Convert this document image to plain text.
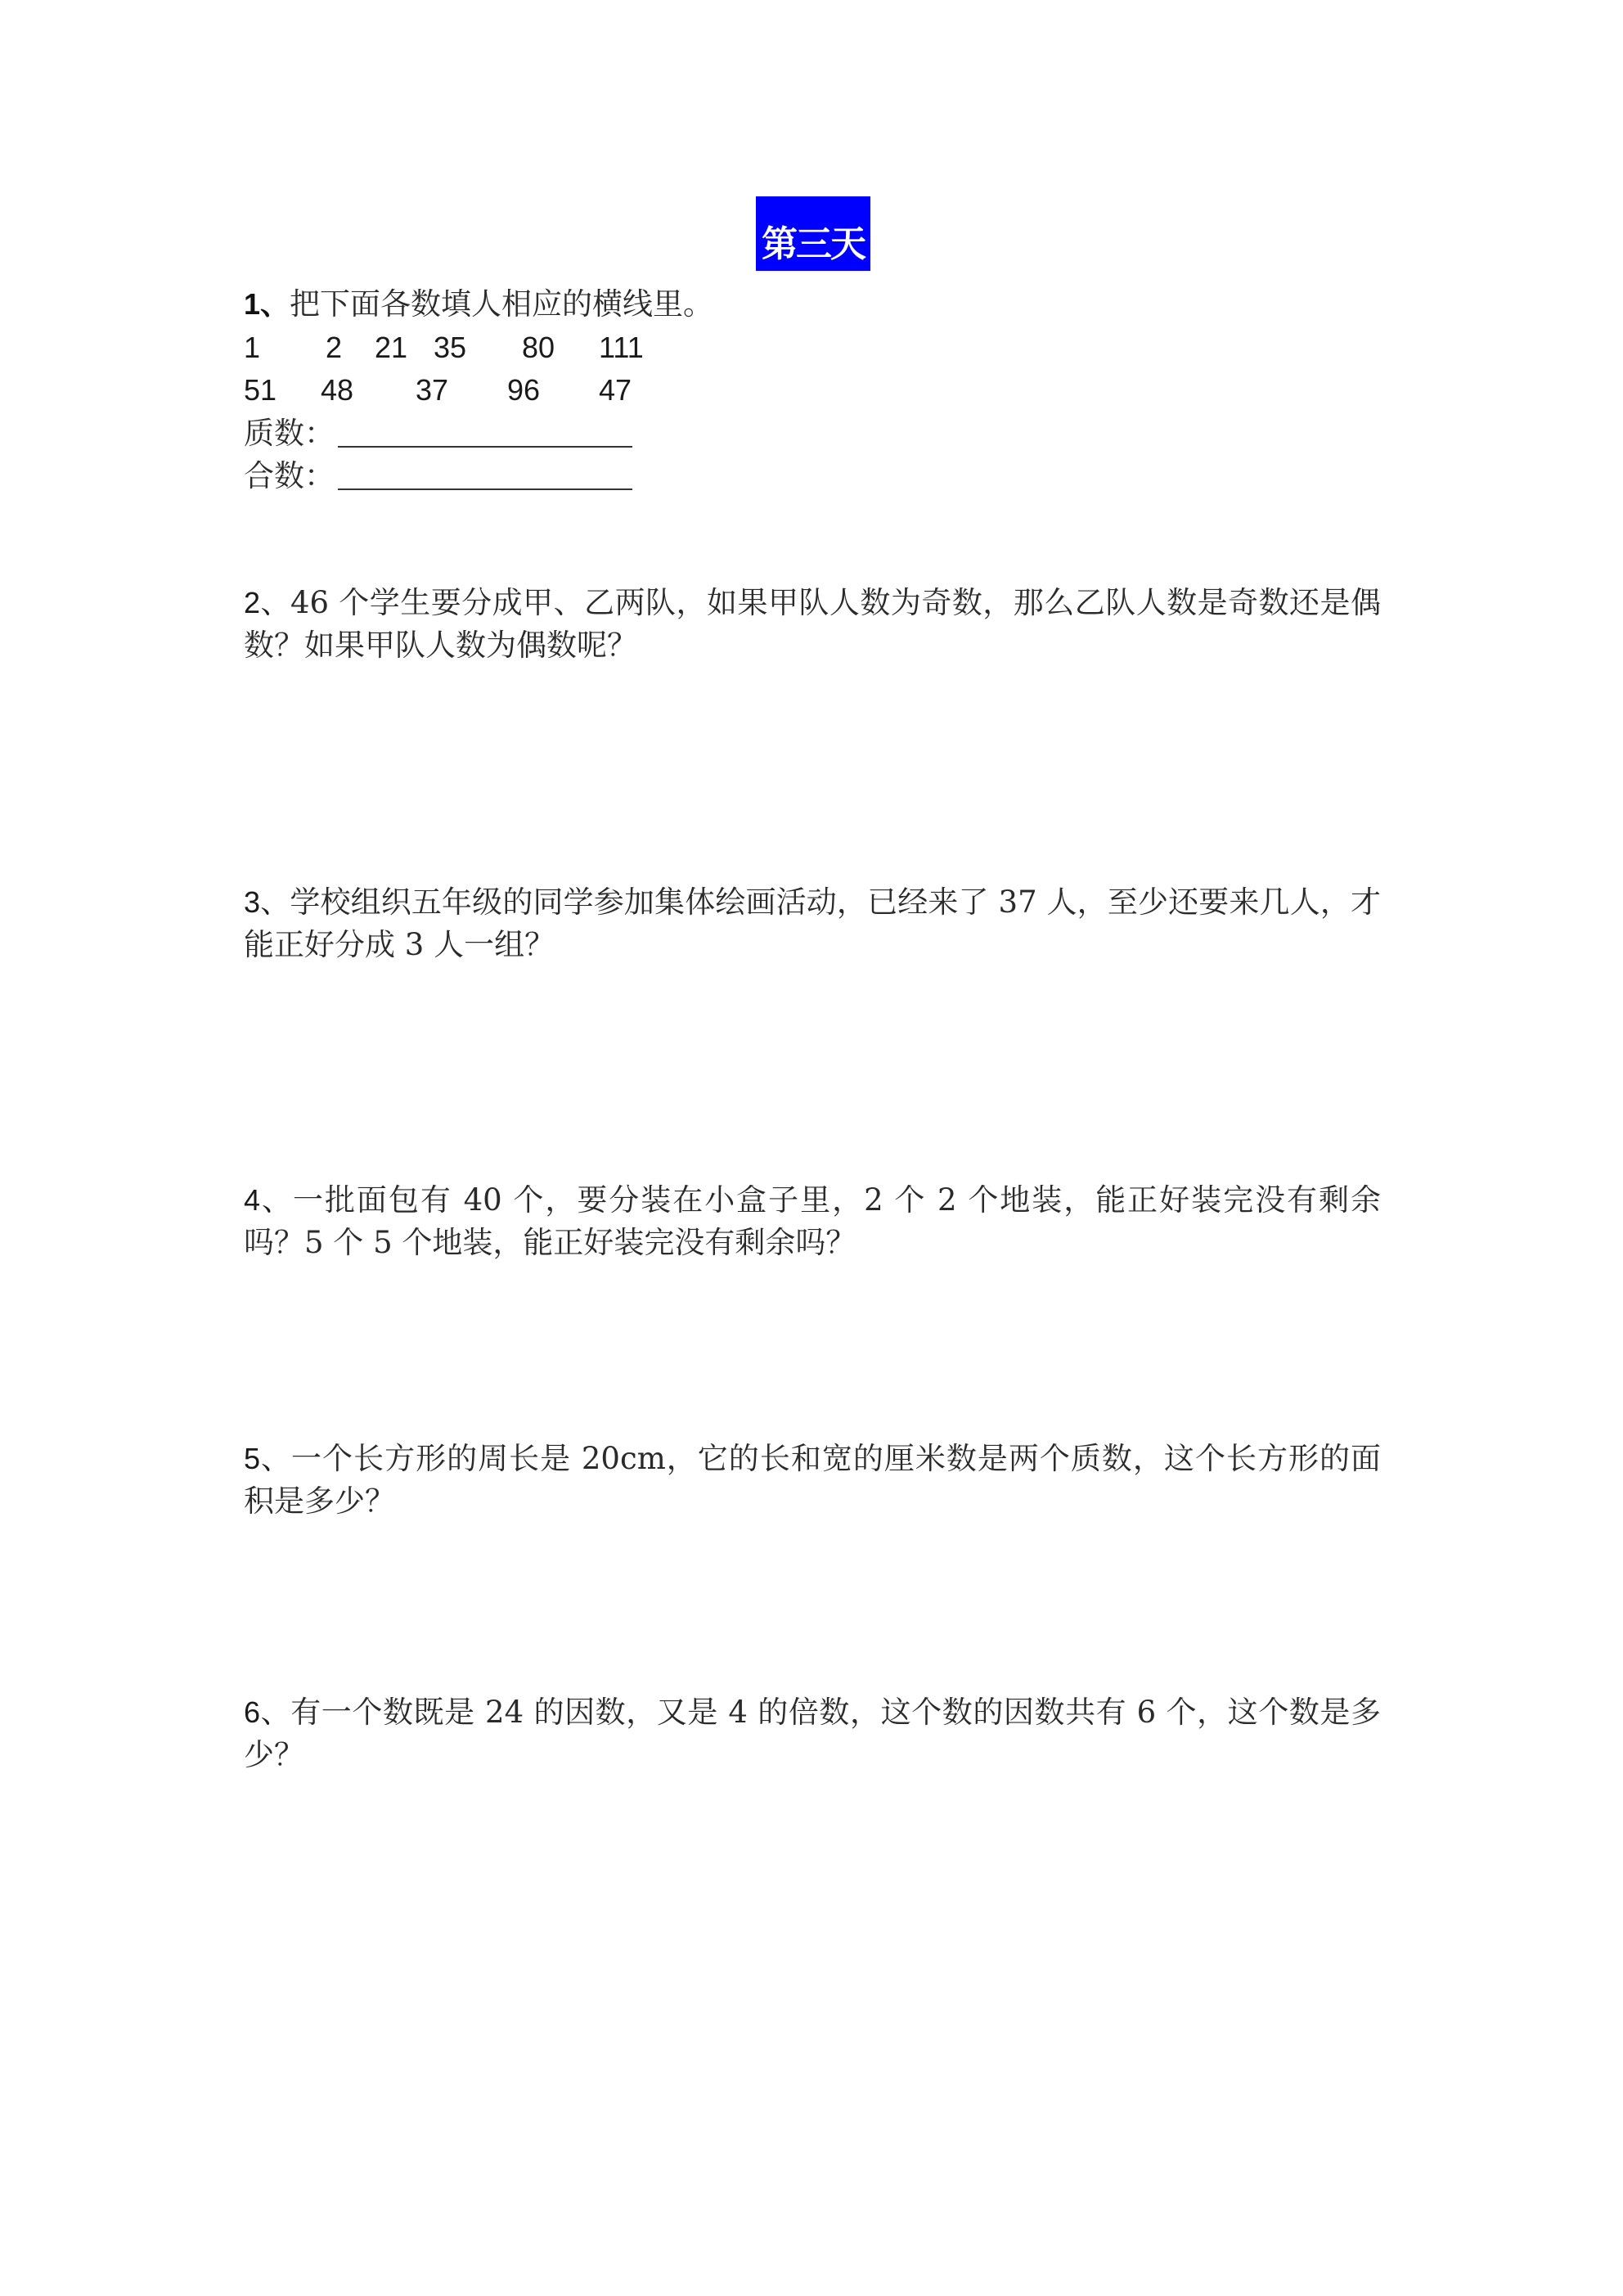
第三天
1、把下面各数填人相应的横线里。
1 2 21 35 80 111
51 48 37 96 47
质数：
合数：
2、46 个学生要分成甲、乙两队，如果甲队人数为奇数，那么乙队人数是奇数还是偶数？如果甲队人数为偶数呢？
3、学校组织五年级的同学参加集体绘画活动，已经来了 37 人，至少还要来几人，才能正好分成 3 人一组？
4、一批面包有 40 个，要分装在小盒子里，2 个 2 个地装，能正好装完没有剩余吗？5 个 5 个地装，能正好装完没有剩余吗？
5、一个长方形的周长是 20cm，它的长和宽的厘米数是两个质数，这个长方形的面积是多少？
6、有一个数既是 24 的因数，又是 4 的倍数，这个数的因数共有 6 个，这个数是多少？
